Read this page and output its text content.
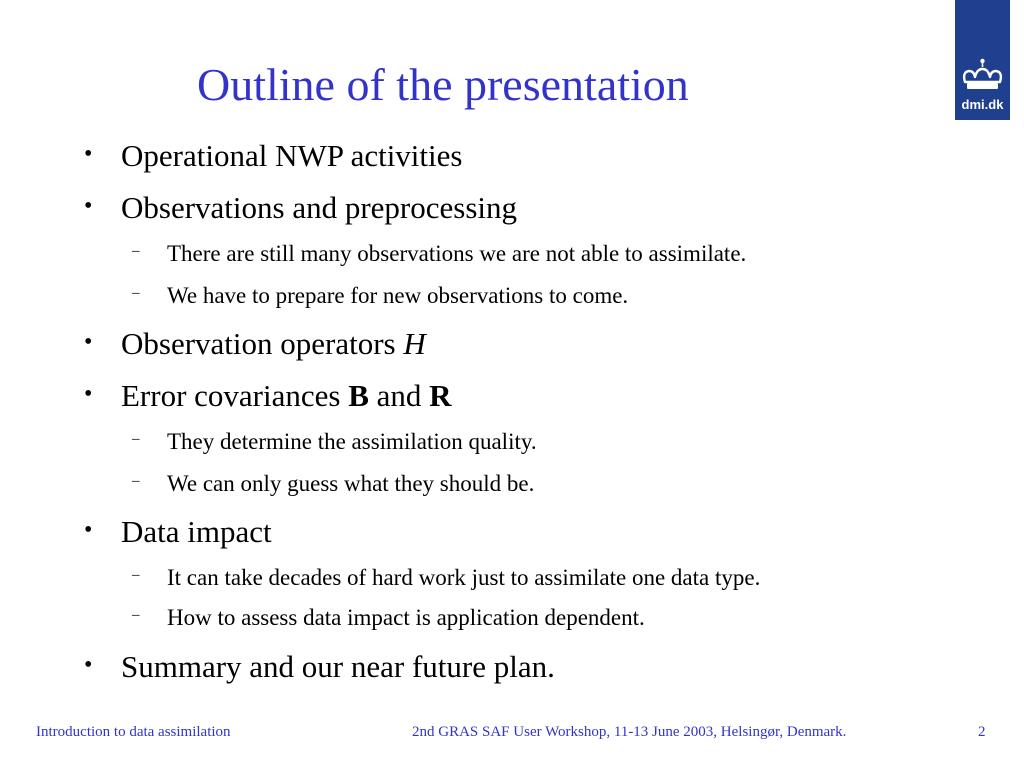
Outline of the presentation	dmi.dk
• Operational NWP activities
• Observations and preprocessing
– There are still many observations we are not able to assimilate.
– We have to prepare for new observations to come.
• Observation operators H
• Error covariances B and R
– They determine the assimilation quality.
– We can only guess what they should be.
• Data impact
– It can take decades of hard work just to assimilate one data type.
– How to assess data impact is application dependent.
• Summary and our near future plan.
Introduction to data assimilation	2nd GRAS SAF User Workshop, 11-13 June 2003, Helsingør, Denmark.	2
